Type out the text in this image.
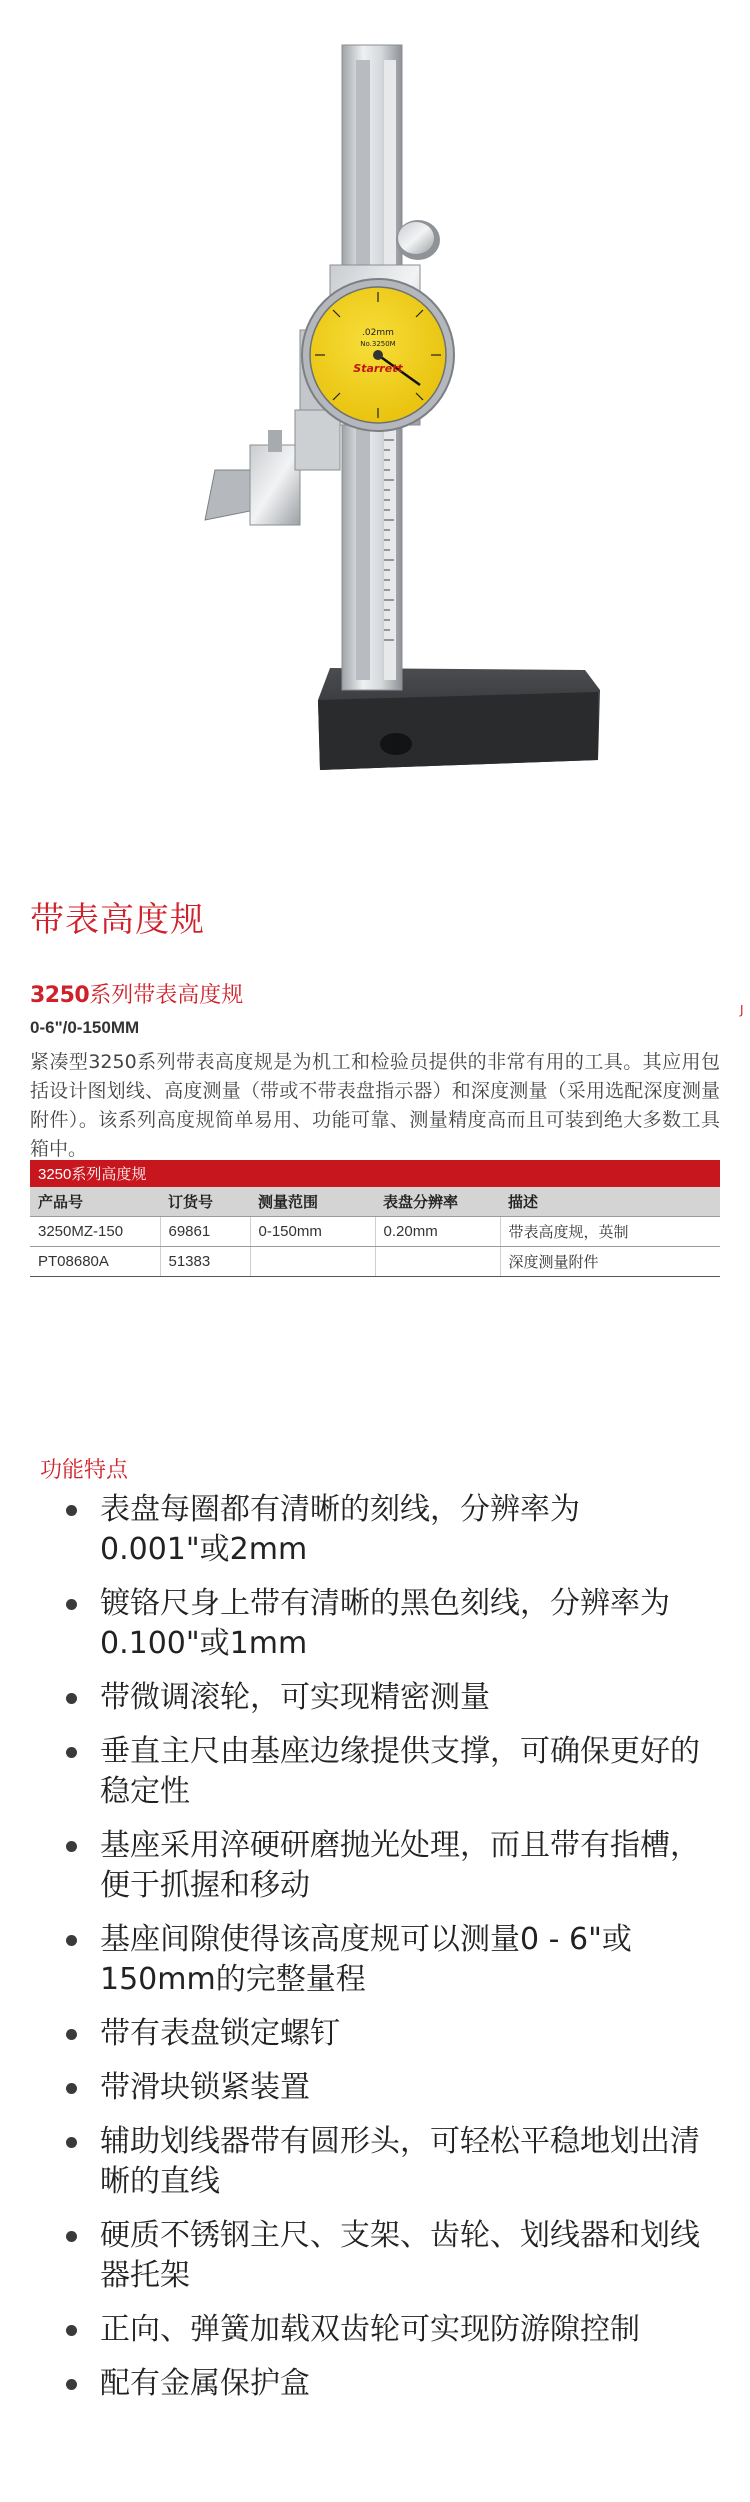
.02mm
No.3250M
Starrett
带表高度规
3250系列带表高度规
0-6"/0-150MM

紧凑型3250系列带表高度规是为机工和检验员提供的非常有用的工具。其应用包括设计图划线、高度测量（带或不带表盘指示器）和深度测量（采用选配深度测量附件）。该系列高度规简单易用、功能可靠、测量精度高而且可装到绝大多数工具箱中。

J
3250系列高度规				
产品号	订货号	测量范围	表盘分辨率	描述
3250MZ-150	69861	0-150mm	0.20mm	带表高度规，英制
PT08680A	51383			深度测量附件
功能特点
表盘每圈都有清晰的刻线，分辨率为0.001"或2mm
镀铬尺身上带有清晰的黑色刻线，分辨率为0.100"或1mm
带微调滚轮，可实现精密测量
垂直主尺由基座边缘提供支撑，可确保更好的稳定性
基座采用淬硬研磨抛光处理，而且带有指槽，便于抓握和移动
基座间隙使得该高度规可以测量0 - 6"或150mm的完整量程
带有表盘锁定螺钉
带滑块锁紧装置
辅助划线器带有圆形头，可轻松平稳地划出清晰的直线
硬质不锈钢主尺、支架、齿轮、划线器和划线器托架
正向、弹簧加载双齿轮可实现防游隙控制
配有金属保护盒
